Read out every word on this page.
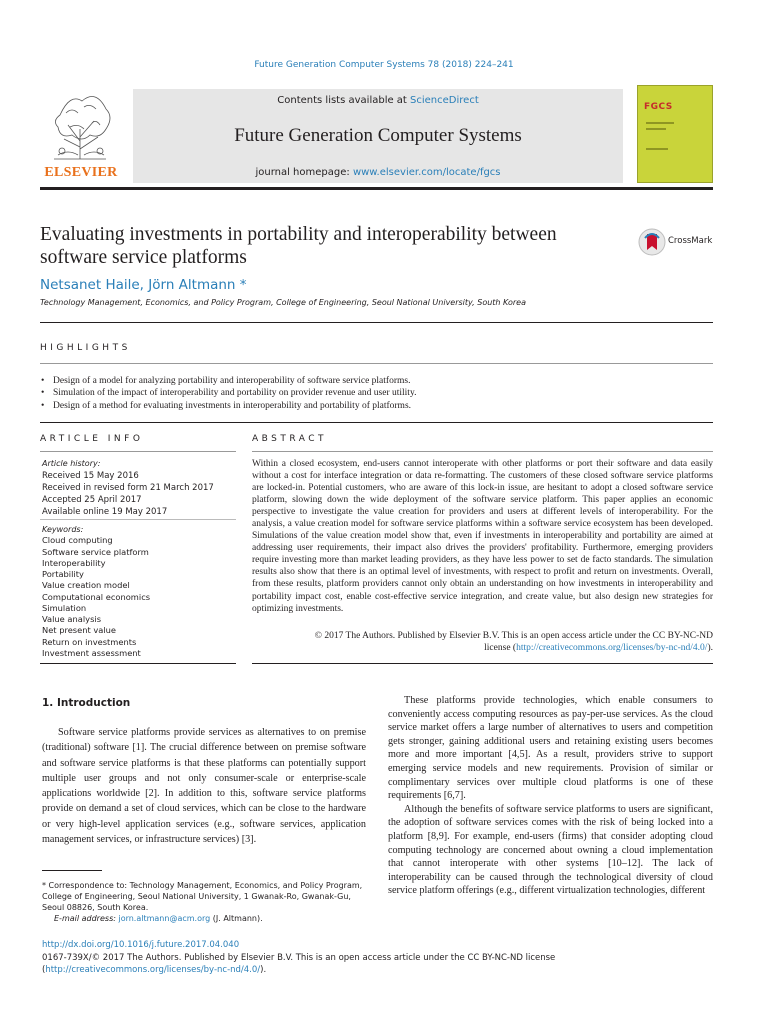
Future Generation Computer Systems 78 (2018) 224–241
ELSEVIER
Contents lists available at ScienceDirect
Future Generation Computer Systems
journal homepage: www.elsevier.com/locate/fgcs
FGCS
Evaluating investments in portability and interoperability between software service platforms
CrossMark
Netsanet Haile, Jörn Altmann *
Technology Management, Economics, and Policy Program, College of Engineering, Seoul National University, South Korea
HIGHLIGHTS
• Design of a model for analyzing portability and interoperability of software service platforms.
• Simulation of the impact of interoperability and portability on provider revenue and user utility.
• Design of a method for evaluating investments in interoperability and portability of platforms.
ARTICLE INFO	ABSTRACT
Article history:
Received 15 May 2016
Received in revised form 21 March 2017
Accepted 25 April 2017
Available online 19 May 2017
Keywords:
Cloud computing
Software service platform
Interoperability
Portability
Value creation model
Computational economics
Simulation
Value analysis
Net present value
Return on investments
Investment assessment
Within a closed ecosystem, end-users cannot interoperate with other platforms or port their software and data easily without a cost for interface integration or data re-formatting. The customers of these closed software service platforms are locked-in. Potential customers, who are aware of this lock-in issue, are hesitant to adopt a closed software service platform, slowing down the wide deployment of the software service platform. This paper applies an economic perspective to investigate the value creation for providers and users at different levels of interoperability. For the analysis, a value creation model for software service platforms within a software service ecosystem has been developed. Simulations of the value creation model show that, even if investments in interoperability and portability are aimed at addressing user requirements, their impact also drives the providers' profitability. Furthermore, emerging providers require investing more than market leading providers, as they have less power to set de facto standards. The simulation results also show that there is an optimal level of investments, with respect to profit and return on investments. Overall, from these results, platform providers cannot only obtain an understanding on how investments in interoperability and portability impact cost, enable cost-effective service integration, and create value, but also design new strategies for optimizing investments.
© 2017 The Authors. Published by Elsevier B.V. This is an open access article under the CC BY-NC-ND
license (http://creativecommons.org/licenses/by-nc-nd/4.0/).
1. Introduction

Software service platforms provide services as alternatives to on premise (traditional) software [1]. The crucial difference between on premise software and software service platforms is that these platforms can potentially support multiple user groups and not only consumer-scale or enterprise-scale applications worldwide [2]. In addition to this, software service platforms provide on demand a set of cloud services, which can be close to the hardware or very high-level application services (e.g., software services, application management services, or infrastructure services) [3].

These platforms provide technologies, which enable consumers to conveniently access computing resources as pay-per-use services. As the cloud service market offers a large number of alternatives to users and competition gets stronger, gaining additional users and retaining existing users becomes more and more important [4,5]. As a result, providers strive to support emerging service models and new requirements. Provision of similar or complimentary services over multiple cloud platforms is one of these requirements [6,7].

Although the benefits of software service platforms to users are significant, the adoption of software services comes with the risk of being locked into a platform [8,9]. For example, end-users (firms) that consider adopting cloud computing technology are concerned about owning a cloud implementation that cannot interoperate with other systems [10–12]. The lack of interoperability can be caused through the technological diversity of cloud service platform offerings (e.g., different virtualization technologies, different

* Correspondence to: Technology Management, Economics, and Policy Program, College of Engineering, Seoul National University, 1 Gwanak-Ro, Gwanak-Gu, Seoul 08826, South Korea.
E-mail address: jorn.altmann@acm.org (J. Altmann).
http://dx.doi.org/10.1016/j.future.2017.04.040
0167-739X/© 2017 The Authors. Published by Elsevier B.V. This is an open access article under the CC BY-NC-ND license (http://creativecommons.org/licenses/by-nc-nd/4.0/).
